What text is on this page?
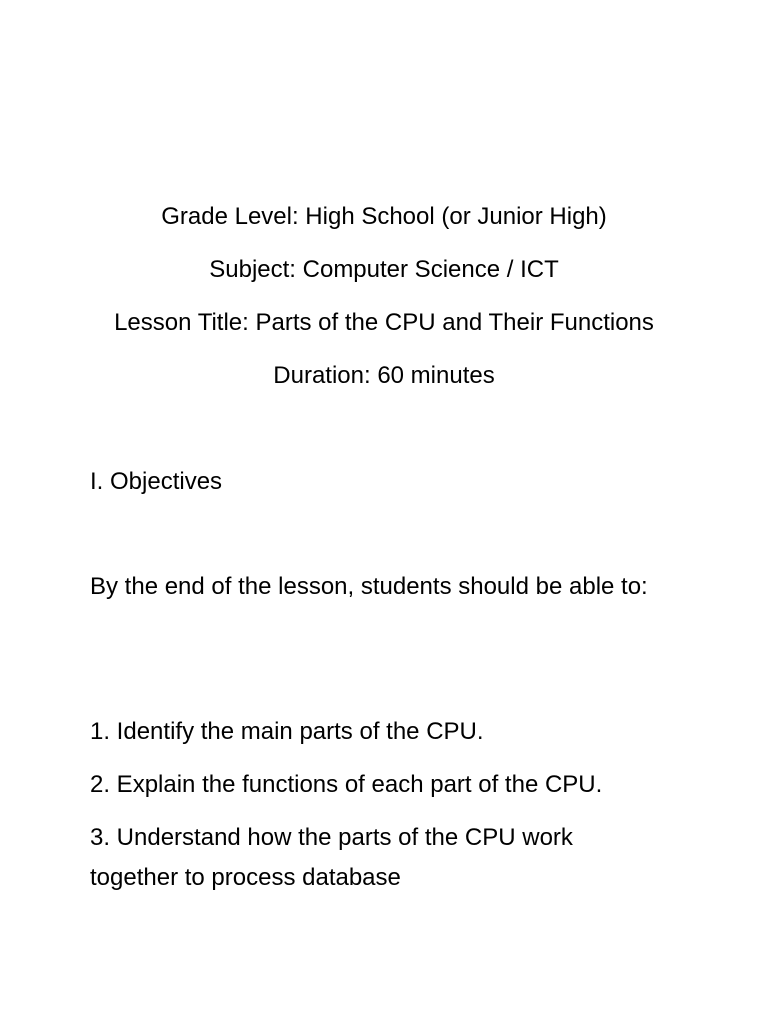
Grade Level: High School (or Junior High)

Subject: Computer Science / ICT

Lesson Title: Parts of the CPU and Their Functions

Duration: 60 minutes

I. Objectives

By the end of the lesson, students should be able to:

1. Identify the main parts of the CPU.

2. Explain the functions of each part of the CPU.

3. Understand how the parts of the CPU work together to process database
